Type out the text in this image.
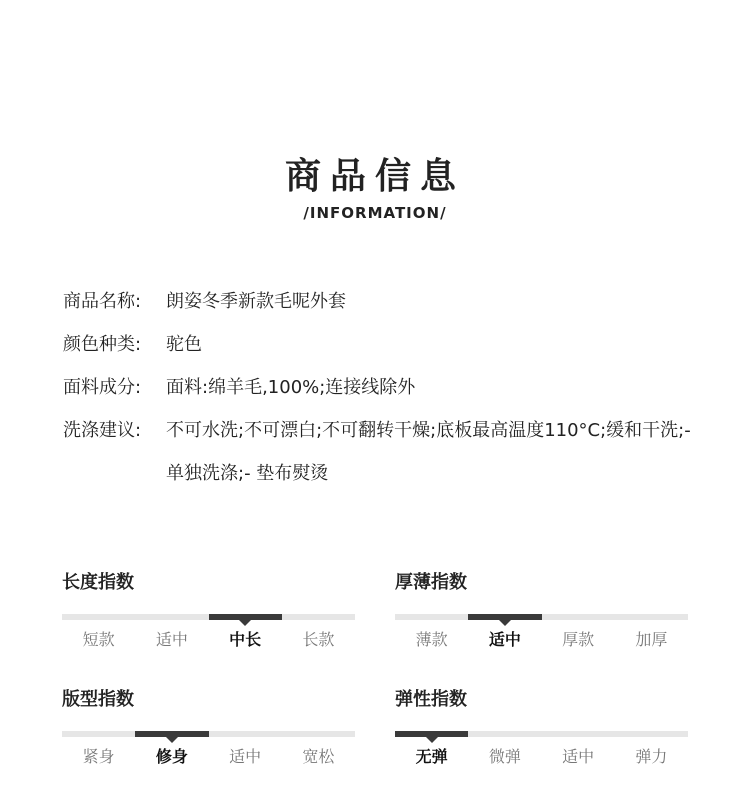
商品信息
/INFORMATION/
商品名称:	朗姿冬季新款毛呢外套
颜色种类:	驼色
面料成分:	面料:绵羊毛,100%;连接线除外
洗涤建议:	不可水洗;不可漂白;不可翻转干燥;底板最高温度110°C;缓和干洗;- 单独洗涤;- 垫布熨烫
长度指数
短款	适中	中长	长款
厚薄指数
薄款	适中	厚款	加厚
版型指数
紧身	修身	适中	宽松
弹性指数
无弹	微弹	适中	弹力
